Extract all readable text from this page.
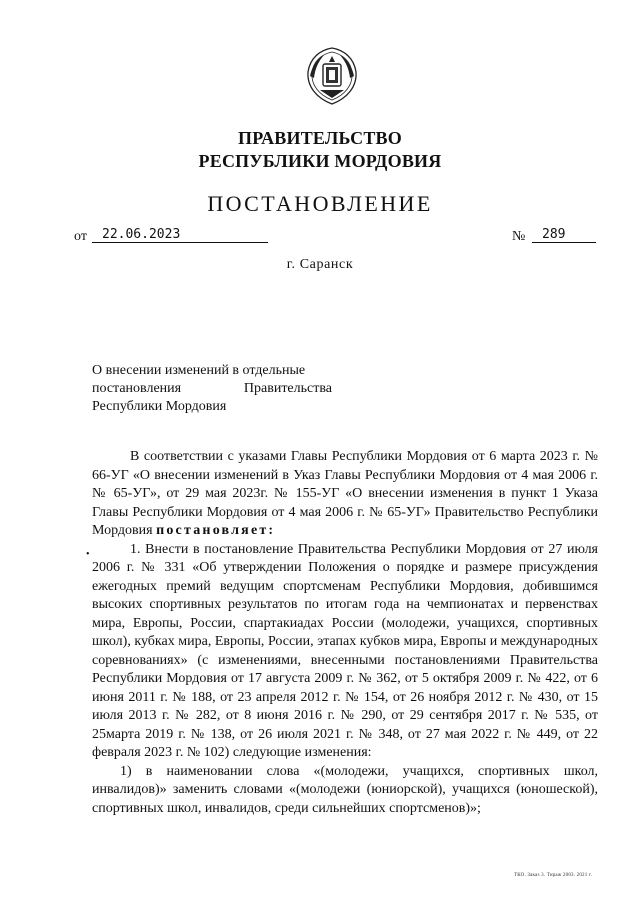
ПРАВИТЕЛЬСТВО
РЕСПУБЛИКИ МОРДОВИЯ
ПОСТАНОВЛЕНИЕ
от	22.06.2023	№	289
г. Саранск
О внесении изменений в отдельные
постановления	Правительства
Республики Мордовия
•

В соответствии с указами Главы Республики Мордовия от 6 марта 2023 г. № 66-УГ «О внесении изменений в Указ Главы Республики Мордовия от 4 мая 2006 г. № 65-УГ», от 29 мая 2023г. № 155-УГ «О внесении изменения в пункт 1 Указа Главы Республики Мордовия от 4 мая 2006 г. № 65-УГ» Правительство Республики Мордовия постановляет:

1. Внести в постановление Правительства Республики Мордовия от 27 июля 2006 г. № 331 «Об утверждении Положения о порядке и размере присуждения ежегодных премий ведущим спортсменам Республики Мордовия, добившимся высоких спортивных результатов по итогам года на чемпионатах и первенствах мира, Европы, России, спартакиадах России (молодежи, учащихся, спортивных школ), кубках мира, Европы, России, этапах кубков мира, Европы и международных соревнованиях» (с изменениями, внесенными постановлениями Правительства Республики Мордовия от 17 августа 2009 г. № 362, от 5 октября 2009 г. № 422, от 6 июня 2011 г. № 188, от 23 апреля 2012 г. № 154, от 26 ноября 2012 г. № 430, от 15 июля 2013 г. № 282, от 8 июня 2016 г. № 290, от 29 сентября 2017 г. № 535, от 25марта 2019 г. № 138, от 26 июля 2021 г. № 348, от 27 мая 2022 г. № 449, от 22 февраля 2023 г. № 102) следующие изменения:

1) в наименовании слова «(молодежи, учащихся, спортивных школ, инвалидов)» заменить словами «(молодежи (юниорской), учащихся (юношеской), спортивных школ, инвалидов, среди сильнейших спортсменов)»;

ТКО. Заказ 3. Тираж 2003. 2021 г.
